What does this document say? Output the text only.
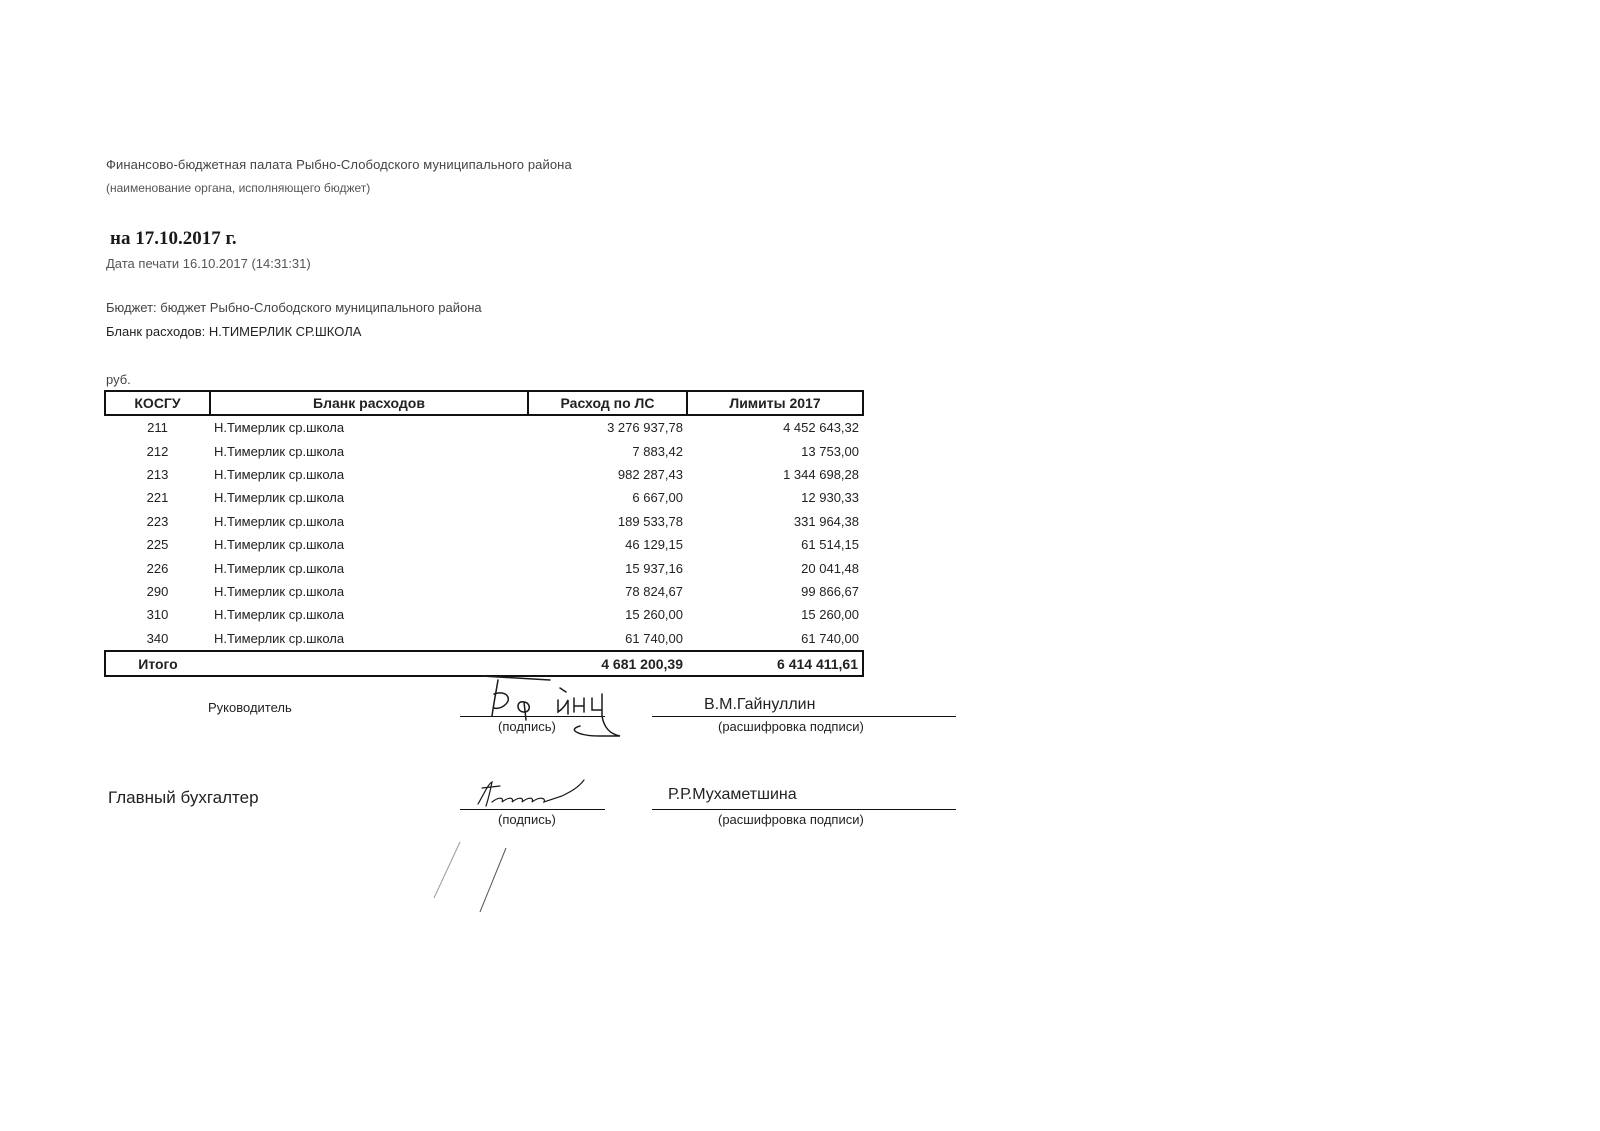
Финансово-бюджетная палата Рыбно-Слободского муниципального района
(наименование органа, исполняющего бюджет)
на 17.10.2017 г.
Дата печати 16.10.2017 (14:31:31)
Бюджет: бюджет Рыбно-Слободского муниципального района
Бланк расходов: Н.ТИМЕРЛИК СР.ШКОЛА
руб.
КОСГУ	Бланк расходов	Расход по ЛС	Лимиты 2017
211	Н.Тимерлик ср.школа	3 276 937,78	4 452 643,32
212	Н.Тимерлик ср.школа	7 883,42	13 753,00
213	Н.Тимерлик ср.школа	982 287,43	1 344 698,28
221	Н.Тимерлик ср.школа	6 667,00	12 930,33
223	Н.Тимерлик ср.школа	189 533,78	331 964,38
225	Н.Тимерлик ср.школа	46 129,15	61 514,15
226	Н.Тимерлик ср.школа	15 937,16	20 041,48
290	Н.Тимерлик ср.школа	78 824,67	99 866,67
310	Н.Тимерлик ср.школа	15 260,00	15 260,00
340	Н.Тимерлик ср.школа	61 740,00	61 740,00
Итого		4 681 200,39	6 414 411,61
Руководитель
(подпись)
В.М.Гайнуллин
(расшифровка подписи)
Главный бухгалтер
(подпись)
Р.Р.Мухаметшина
(расшифровка подписи)
